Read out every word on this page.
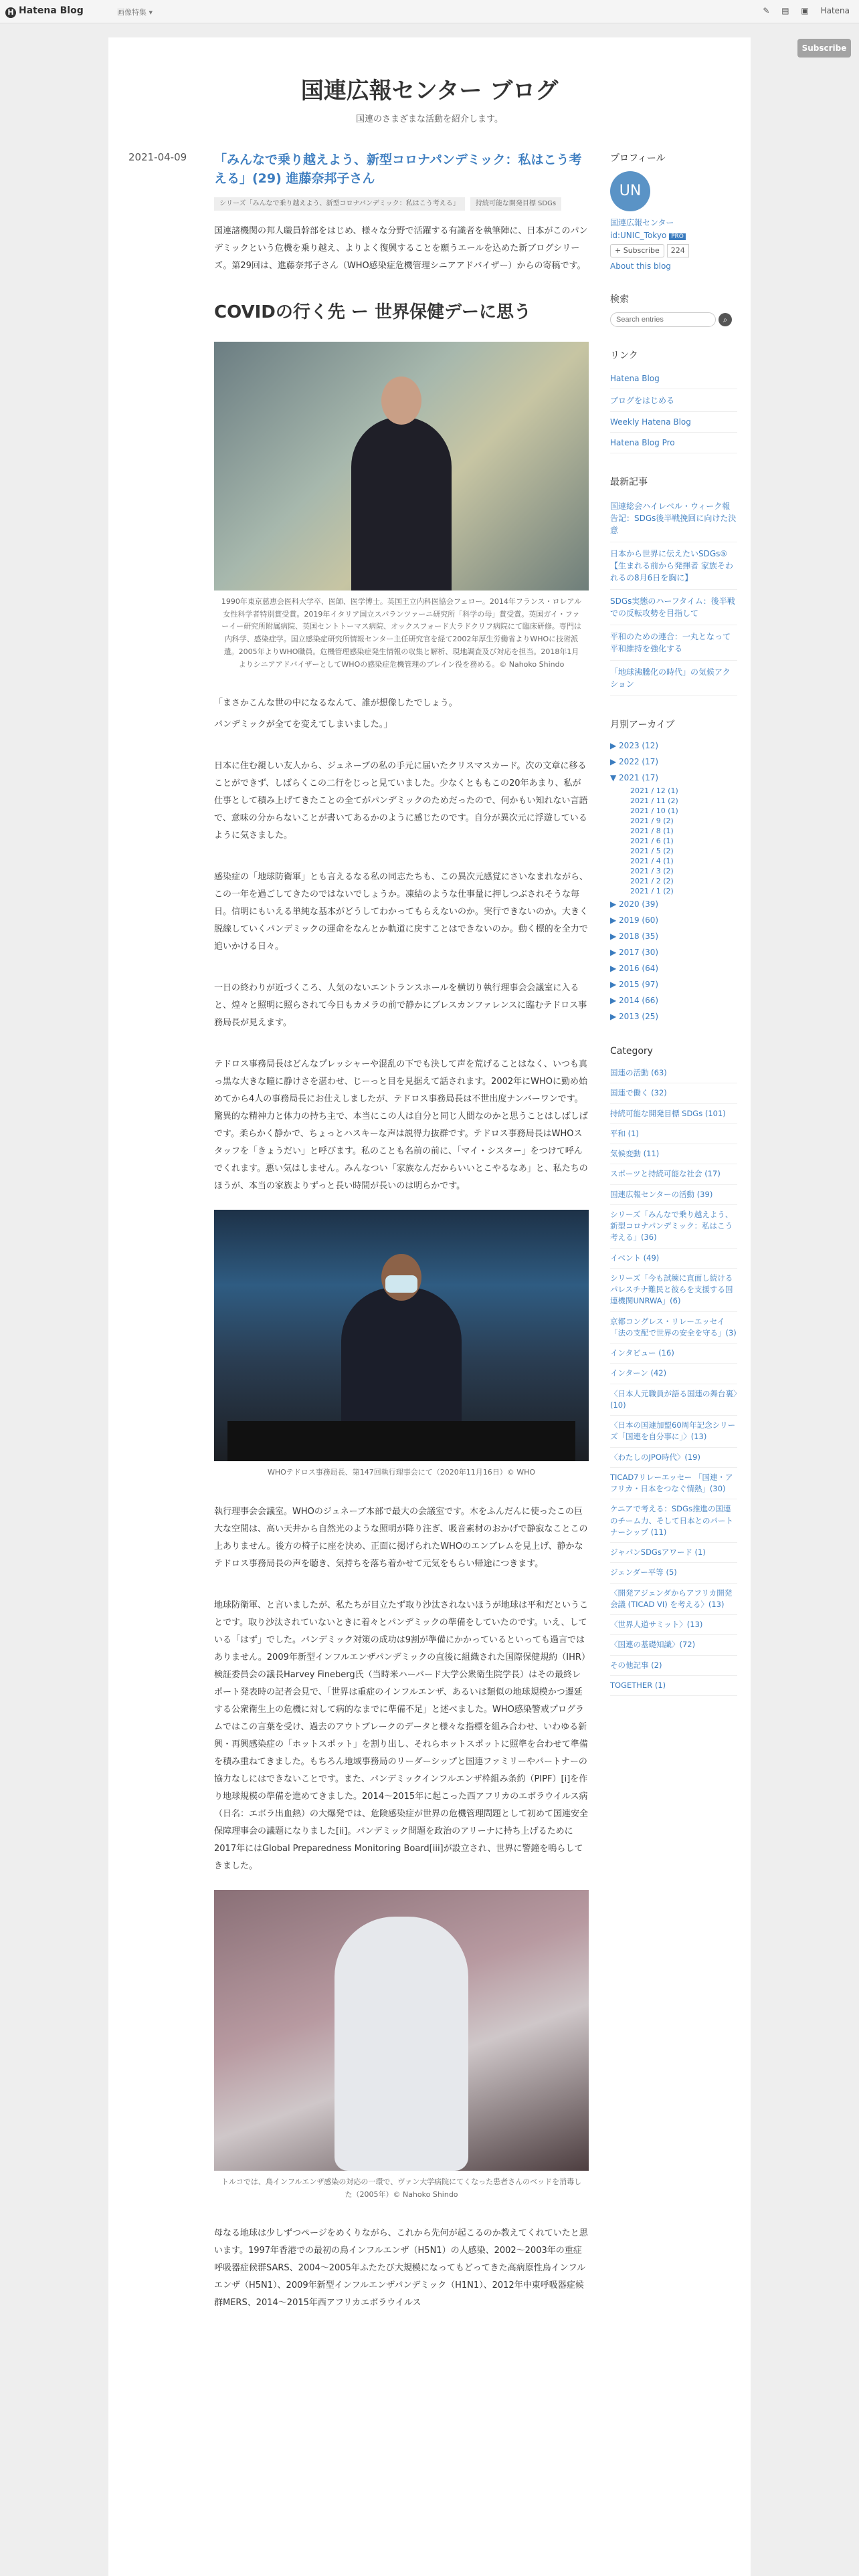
H Hatena Blog	画像特集 ▾	✎ ▤ ▣ Hatena
Subscribe
国連広報センター ブログ

国連のさまざまな活動を紹介します。

2021-04-09 「みんなで乗り越えよう、新型コロナパンデミック：私はこう考える」(29) 進藤奈邦子さん
シリーズ「みんなで乗り越えよう、新型コロナパンデミック：私はこう考える」 持続可能な開発目標 SDGs

国連諸機関の邦人職員幹部をはじめ、様々な分野で活躍する有識者を執筆陣に、日本がこのパンデミックという危機を乗り越え、よりよく復興することを願うエールを込めた新ブログシリーズ。第29回は、進藤奈邦子さん（WHO感染症危機管理シニアアドバイザー）からの寄稿です。

COVIDの行く先 ー 世界保健デーに思う
1990年東京慈恵会医科大学卒、医師、医学博士。英国王立内科医協会フェロー。2014年フランス・ロレアル女性科学者特別賞受賞。2019年イタリア国立スパランツァーニ研究所「科学の母」賞受賞。英国ガイ・ファーイー研究所附属病院、英国セントトーマス病院、オックスフォード大ラドクリフ病院にて臨床研修。専門は内科学、感染症学。国立感染症研究所情報センター主任研究官を経て2002年厚生労働省よりWHOに技術派遣。2005年よりWHO職員。危機管理感染症発生情報の収集と解析、現地調査及び対応を担当。2018年1月よりシニアアドバイザーとしてWHOの感染症危機管理のブレイン役を務める。© Nahoko Shindo

「まさかこんな世の中になるなんて、誰が想像したでしょう。

パンデミックが全てを変えてしまいました。」

日本に住む親しい友人から、ジュネーブの私の手元に届いたクリスマスカード。次の文章に移ることができず、しばらくこの二行をじっと見ていました。少なくとももこの20年あまり、私が仕事として積み上げてきたことの全てがパンデミックのためだったので、何かもい知れない言語で、意味の分からないことが書いてあるかのように感じたのです。自分が異次元に浮遊しているように気さました。

感染症の「地球防衛軍」とも言えるなる私の同志たちも、この異次元感覚にさいなまれながら、この一年を過ごしてきたのではないでしょうか。凍結のような仕事量に押しつぶされそうな毎日。信明にもいえる単純な基本がどうしてわかってもらえないのか。実行できないのか。大きく脱線していくパンデミックの運命をなんとか軌道に戻すことはできないのか。動く標的を全力で追いかける日々。

一日の終わりが近づくころ、人気のないエントランスホールを横切り執行理事会会議室に入ると、煌々と照明に照らされて今日もカメラの前で静かにブレスカンファレンスに臨むテドロス事務局長が見えます。

テドロス事務局長はどんなプレッシャーや混乱の下でも決して声を荒げることはなく、いつも真っ黒な大きな瞳に静けさを湛わせ、じーっと目を見据えて話されます。2002年にWHOに勤め始めてから4人の事務局長にお仕えしましたが、テドロス事務局長は不世出度ナンバーワンです。驚異的な精神力と体力の持ち主で、本当にこの人は自分と同じ人間なのかと思うことはしばしばです。柔らかく静かで、ちょっとハスキーな声は説得力抜群です。テドロス事務局長はWHOスタッフを「きょうだい」と呼びます。私のことも名前の前に、「マイ・シスター」をつけて呼んでくれます。悪い気はしません。みんなつい「家族なんだからいいとこやるなあ」と、私たちのほうが、本当の家族よりずっと長い時間が長いのは明らかです。

WHOテドロス事務局長、第147回執行理事会にて（2020年11月16日）© WHO

執行理事会会議室。WHOのジュネーブ本部で最大の会議室です。木をふんだんに使ったこの巨大な空間は、高い天井から自然光のような照明が降り注ぎ、吸音素材のおかげで静寂なことこの上ありません。後方の椅子に座を決め、正面に掲げられたWHOのエンブレムを見上げ、静かなテドロス事務局長の声を聴き、気持ちを落ち着かせて元気をもらい帰途につきます。

地球防衛軍、と言いましたが、私たちが目立たず取り沙汰されないほうが地球は平和だということです。取り沙汰されていないときに着々とパンデミックの準備をしていたのです。いえ、している「はず」でした。パンデミック対策の成功は9割が準備にかかっているといっても過言ではありません。2009年新型インフルエンザパンデミックの直後に組織された国際保健規約（IHR）検証委員会の議長Harvey Fineberg氏（当時米ハーバード大学公衆衛生院学長）はその最終レポート発表時の記者会見で、「世界は重症のインフルエンザ、あるいは類似の地球規模かつ遷延する公衆衛生上の危機に対して病的なまでに準備不足」と述べました。WHO感染警戒プログラムではこの言葉を受け、過去のアウトブレークのデータと様々な指標を組み合わせ、いわゆる新興・再興感染症の「ホットスポット」を割り出し、それらホットスポットに照準を合わせて準備を積み重ねてきました。もちろん地域事務局のリーダーシップと国連ファミリーやパートナーの協力なしにはできないことです。また、パンデミックインフルエンザ枠組み条約（PIPF）[i]を作り地球規模の準備を進めてきました。2014〜2015年に起こった西アフリカのエボラウイルス病（日名：エボラ出血熱）の大爆発では、危険感染症が世界の危機管理問題として初めて国連安全保障理事会の議題になりました[ii]。パンデミック問題を政治のアリーナに持ち上げるために2017年にはGlobal Preparedness Monitoring Board[iii]が設立され、世界に警鐘を鳴らしてきました。

トルコでは、鳥インフルエンザ感染の対応の一環で、ヴァン大学病院にてくなった患者さんのベッドを消毒した（2005年）© Nahoko Shindo

母なる地球は少しずつページをめくりながら、これから先何が起こるのか教えてくれていたと思います。1997年香港での最初の鳥インフルエンザ（H5N1）の人感染、2002〜2003年の重症呼吸器症候群SARS、2004〜2005年ふたたび大規模になってもどってきた高病原性鳥インフルエンザ（H5N1）、2009年新型インフルエンザパンデミック（H1N1）、2012年中東呼吸器症候群MERS、2014〜2015年西アフリカエボラウイルス

プロフィール
UN
国連広報センター
id:UNIC_Tokyo PRO
+ Subscribe 224
About this blog
検索
Search entries
⌕
リンク
Hatena Blog
ブログをはじめる
Weekly Hatena Blog
Hatena Blog Pro
最新記事
国連総会ハイレベル・ウィーク報告記：SDGs後半戦挽回に向けた決意
日本から世界に伝えたいSDGs⑤【生まれる前から発揮者 家族そわれるの8月6日を胸に】
SDGs実態のハーフタイム：後半戦での反転攻勢を目指して
平和のための連合：一丸となって平和維持を強化する
「地球沸騰化の時代」の気候アクション
月別アーカイブ
▶ 2023 (12)
▶ 2022 (17)
▼ 2021 (17)
2021 / 12 (1)
2021 / 11 (2)
2021 / 10 (1)
2021 / 9 (2)
2021 / 8 (1)
2021 / 6 (1)
2021 / 5 (2)
2021 / 4 (1)
2021 / 3 (2)
2021 / 2 (2)
2021 / 1 (2)
▶ 2020 (39)
▶ 2019 (60)
▶ 2018 (35)
▶ 2017 (30)
▶ 2016 (64)
▶ 2015 (97)
▶ 2014 (66)
▶ 2013 (25)
Category
国連の活動 (63)
国連で働く (32)
持続可能な開発目標 SDGs (101)
平和 (1)
気候変動 (11)
スポーツと持続可能な社会 (17)
国連広報センターの活動 (39)
シリーズ「みんなで乗り越えよう、新型コロナパンデミック：私はこう考える」(36)
イベント (49)
シリーズ「今も試練に直面し続けるパレスチナ難民と彼らを支援する国連機関UNRWA」(6)
京都コングレス・リレーエッセイ「法の支配で世界の安全を守る」(3)
インタビュー (16)
インターン (42)
〈日本人元職員が語る国連の舞台裏〉(10)
〈日本の国連加盟60周年記念シリーズ「国連を自分事に」〉(13)
〈わたしのJPO時代〉(19)
TICAD7リレーエッセー 「国連・アフリカ・日本をつなぐ情熱」(30)
ケニアで考える：SDGs推進の国連のチーム力、そして日本とのパートナーシップ (11)
ジャパンSDGsアワード (1)
ジェンダー平等 (5)
〈開発アジェンダからアフリカ開発会議 (TICAD VI) を考える〉(13)
〈世界人道サミット〉(13)
〈国連の基礎知識〉(72)
その他記事 (2)
TOGETHER (1)
